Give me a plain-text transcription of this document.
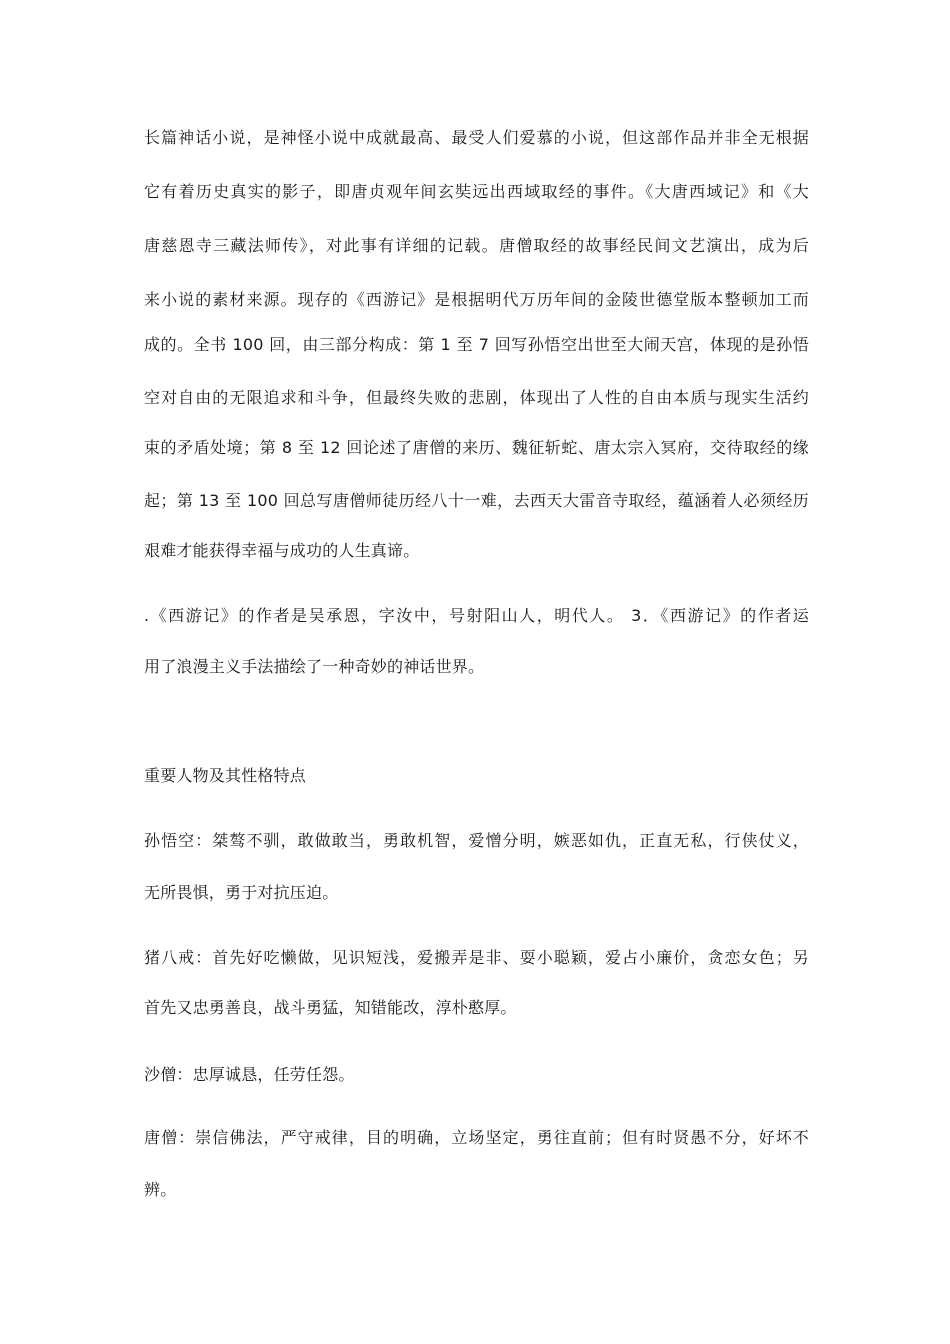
长篇神话小说，是神怪小说中成就最高、最受人们爱慕的小说，但这部作品并非全无根据
它有着历史真实的影子，即唐贞观年间玄奘远出西域取经的事件。《大唐西域记》和《大
唐慈恩寺三藏法师传》，对此事有详细的记载。唐僧取经的故事经民间文艺演出，成为后
来小说的素材来源。现存的《西游记》是根据明代万历年间的金陵世德堂版本整顿加工而
成的。全书 100 回，由三部分构成：第 1 至 7 回写孙悟空出世至大闹天宫，体现的是孙悟
空对自由的无限追求和斗争，但最终失败的悲剧，体现出了人性的自由本质与现实生活约
束的矛盾处境；第 8 至 12 回论述了唐僧的来历、魏征斩蛇、唐太宗入冥府，交待取经的缘
起；第 13 至 100 回总写唐僧师徒历经八十一难，去西天大雷音寺取经，蕴涵着人必须经历
艰难才能获得幸福与成功的人生真谛。
.《西游记》的作者是吴承恩，字汝中，号射阳山人，明代人。 3．《西游记》的作者运
用了浪漫主义手法描绘了一种奇妙的神话世界。
重要人物及其性格特点
孙悟空：桀骜不驯，敢做敢当，勇敢机智，爱憎分明，嫉恶如仇，正直无私，行侠仗义，
无所畏惧，勇于对抗压迫。
猪八戒：首先好吃懒做，见识短浅，爱搬弄是非、耍小聪颖，爱占小廉价，贪恋女色；另
首先又忠勇善良，战斗勇猛，知错能改，淳朴憨厚。
沙僧：忠厚诚恳，任劳任怨。
唐僧：崇信佛法，严守戒律，目的明确，立场坚定，勇往直前；但有时贤愚不分，好坏不
辨。
